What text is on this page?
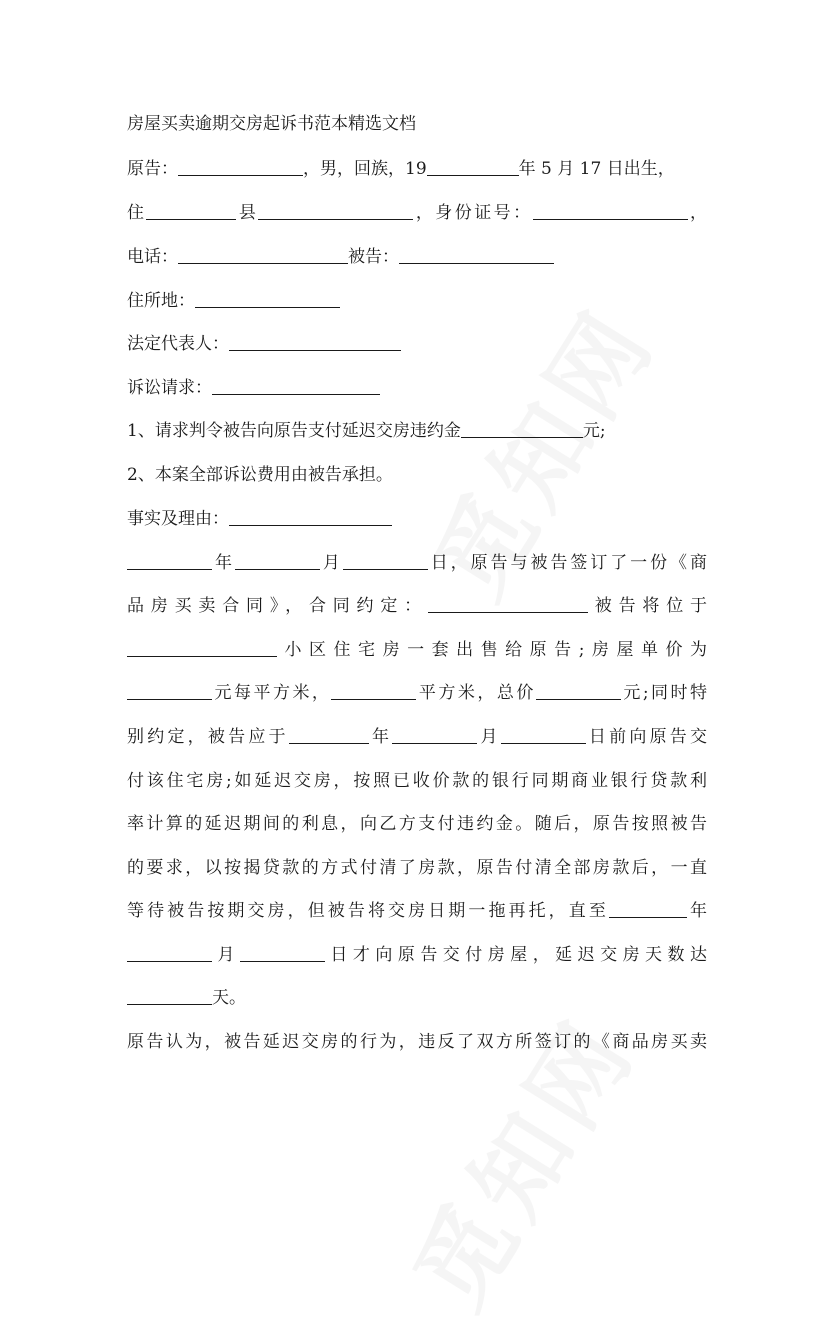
房屋买卖逾期交房起诉书范本精选文档
原告：	，男，回族，19	年 5 月 17 日出生，
住	县	，身份证号：	，
电话：	被告：
住所地：
法定代表人：
诉讼请求：
1、请求判令被告向原告支付延迟交房违约金	元;
2、本案全部诉讼费用由被告承担。
事实及理由：
年	月	日，原告与被告签订了一份《商
品房买卖合同》，合同约定：	被告将位于
小区住宅房一套出售给原告;房屋单价为
元每平方米，	平方米，总价	元;同时特
别约定，被告应于	年	月	日前向原告交
付该住宅房;如延迟交房，按照已收价款的银行同期商业银行贷款利
率计算的延迟期间的利息，向乙方支付违约金。随后，原告按照被告
的要求，以按揭贷款的方式付清了房款，原告付清全部房款后，一直
等待被告按期交房，但被告将交房日期一拖再托，直至	年
月	日才向原告交付房屋，延迟交房天数达
天。
原告认为，被告延迟交房的行为，违反了双方所签订的《商品房买卖
